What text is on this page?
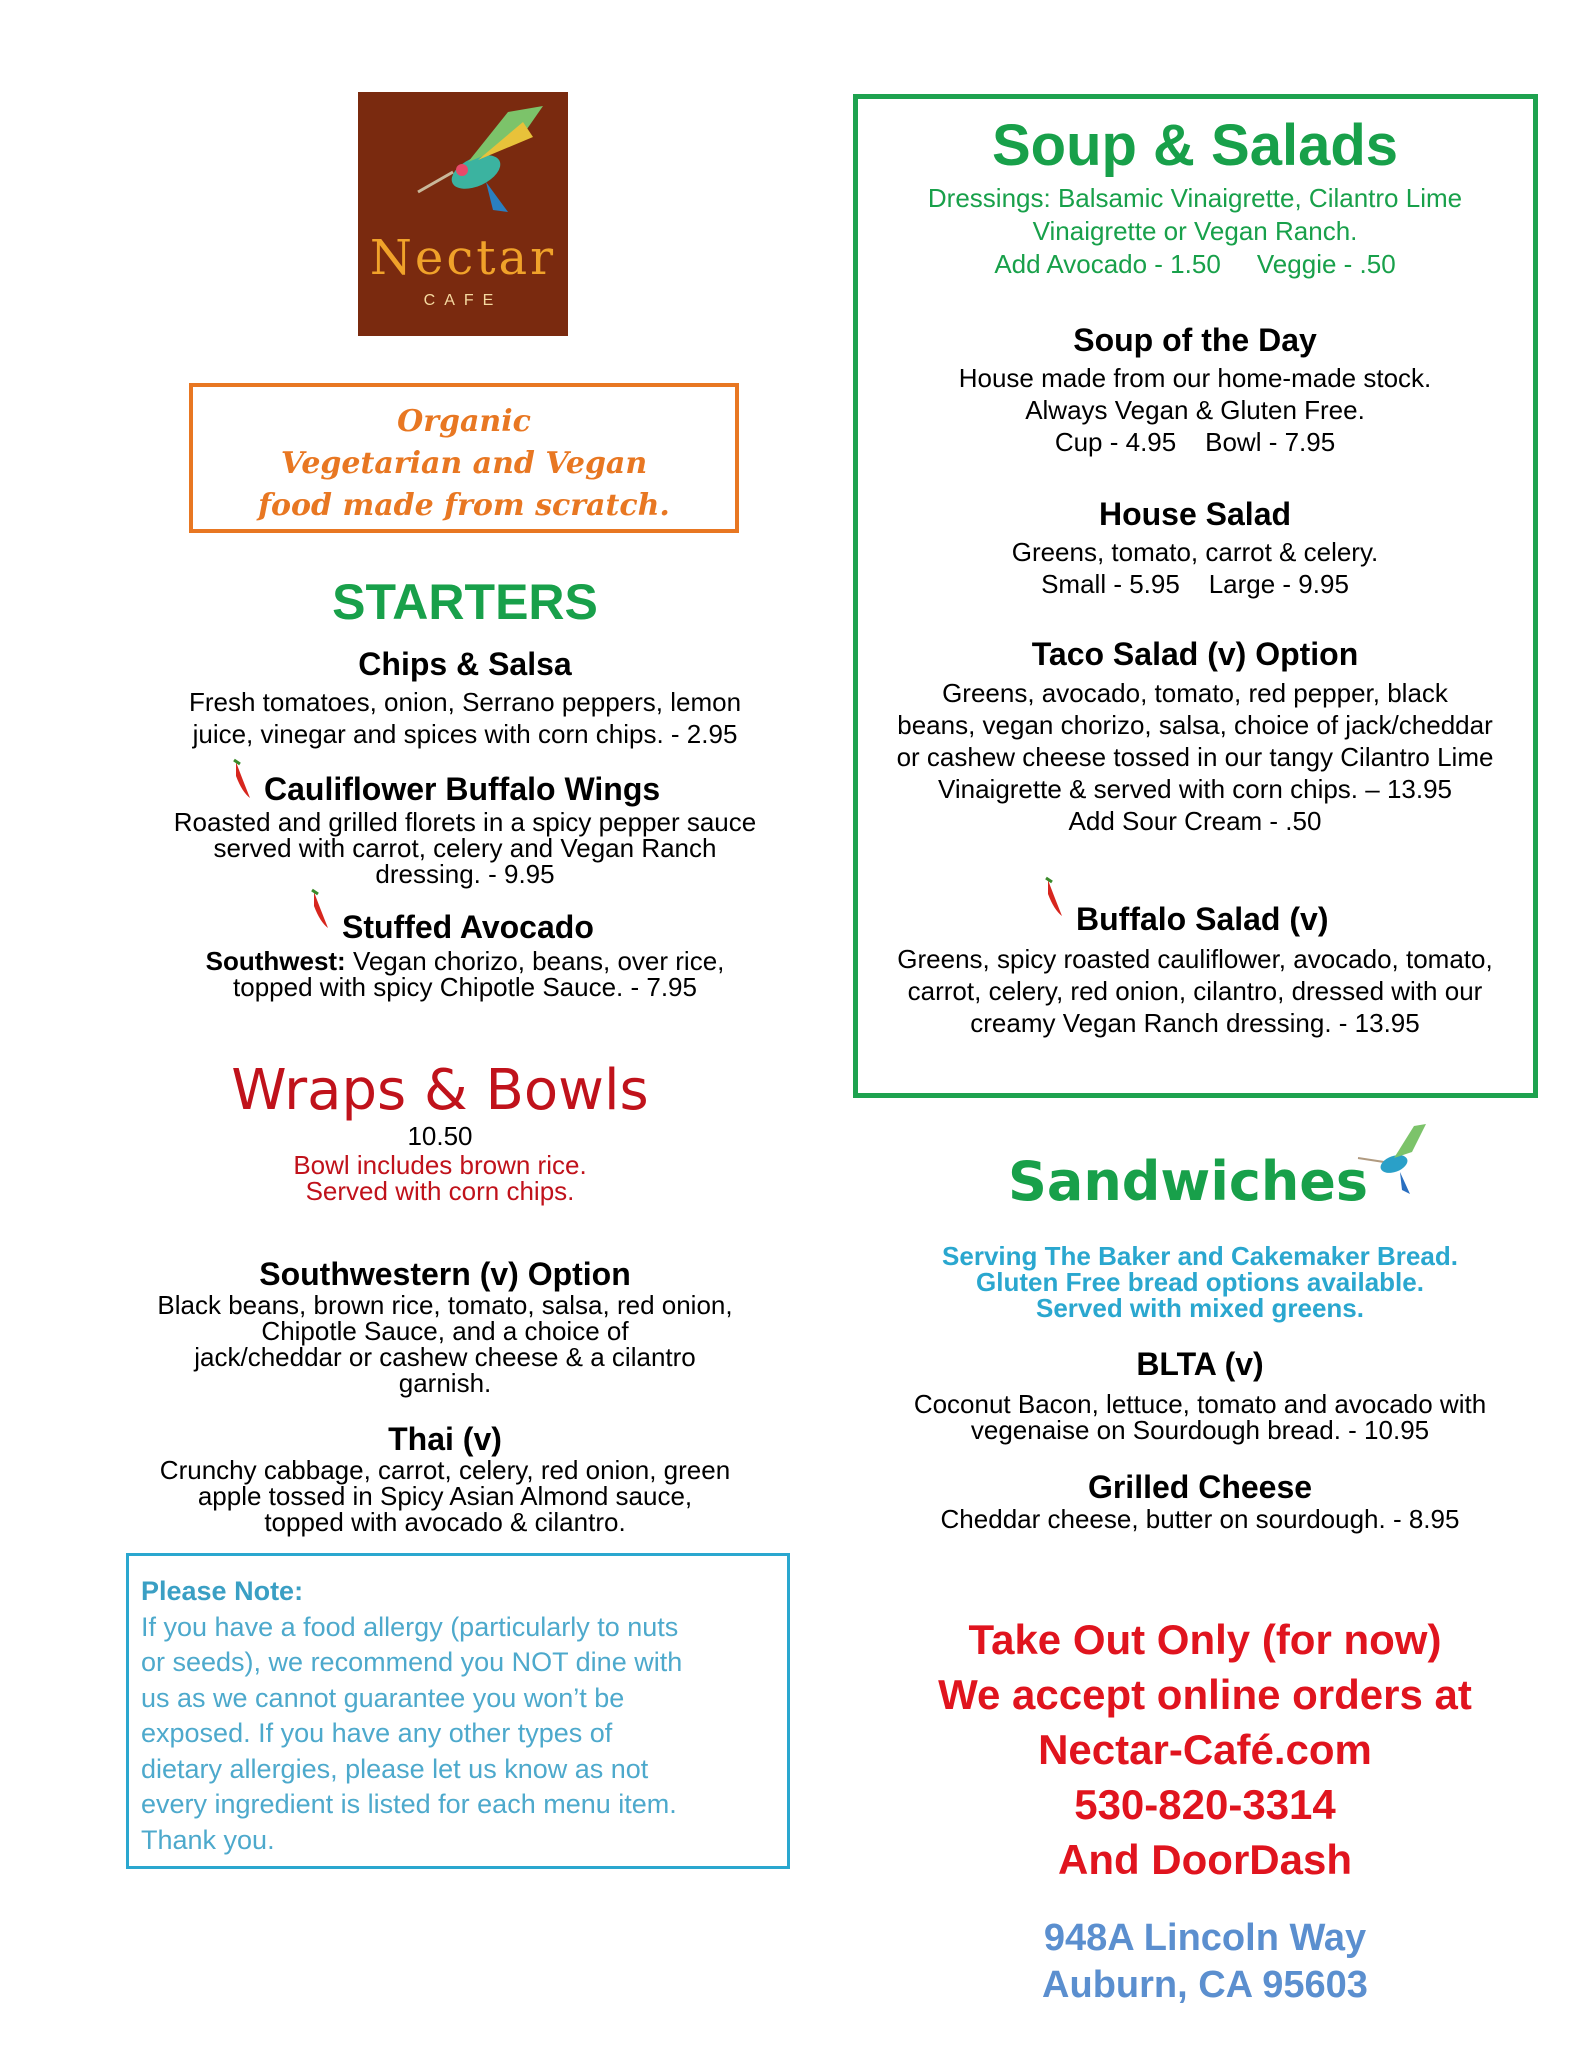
Nectar
CAFE
Organic
Vegetarian and Vegan
food made from scratch.
STARTERS
Chips & Salsa
Fresh tomatoes, onion, Serrano peppers, lemon
juice, vinegar and spices with corn chips. - 2.95
Cauliflower Buffalo Wings
Roasted and grilled florets in a spicy pepper sauce
served with carrot, celery and Vegan Ranch
dressing. - 9.95
Stuffed Avocado
Southwest: Vegan chorizo, beans, over rice,
topped with spicy Chipotle Sauce. - 7.95
Wraps & Bowls
10.50
Bowl includes brown rice.
Served with corn chips.
Southwestern (v) Option
Black beans, brown rice, tomato, salsa, red onion,
Chipotle Sauce, and a choice of
jack/cheddar or cashew cheese & a cilantro
garnish.
Thai (v)
Crunchy cabbage, carrot, celery, red onion, green
apple tossed in Spicy Asian Almond sauce,
topped with avocado & cilantro.
Please Note:
If you have a food allergy (particularly to nuts
or seeds), we recommend you NOT dine with
us as we cannot guarantee you won’t be
exposed. If you have any other types of
dietary allergies, please let us know as not
every ingredient is listed for each menu item.
Thank you.
Soup & Salads
Dressings: Balsamic Vinaigrette, Cilantro Lime
Vinaigrette or Vegan Ranch.
Add Avocado - 1.50     Veggie - .50
Soup of the Day
House made from our home-made stock.
Always Vegan & Gluten Free.
Cup - 4.95    Bowl - 7.95
House Salad
Greens, tomato, carrot & celery.
Small - 5.95    Large - 9.95
Taco Salad (v) Option
Greens, avocado, tomato, red pepper, black
beans, vegan chorizo, salsa, choice of jack/cheddar
or cashew cheese tossed in our tangy Cilantro Lime
Vinaigrette & served with corn chips. – 13.95
Add Sour Cream - .50
Buffalo Salad (v)
Greens, spicy roasted cauliflower, avocado, tomato,
carrot, celery, red onion, cilantro, dressed with our
creamy Vegan Ranch dressing. - 13.95
Sandwiches
Serving The Baker and Cakemaker Bread.
Gluten Free bread options available.
Served with mixed greens.
BLTA (v)
Coconut Bacon, lettuce, tomato and avocado with
vegenaise on Sourdough bread. - 10.95
Grilled Cheese
Cheddar cheese, butter on sourdough. - 8.95
Take Out Only (for now)
We accept online orders at
Nectar-Café.com
530-820-3314
And DoorDash
948A Lincoln Way
Auburn, CA 95603
